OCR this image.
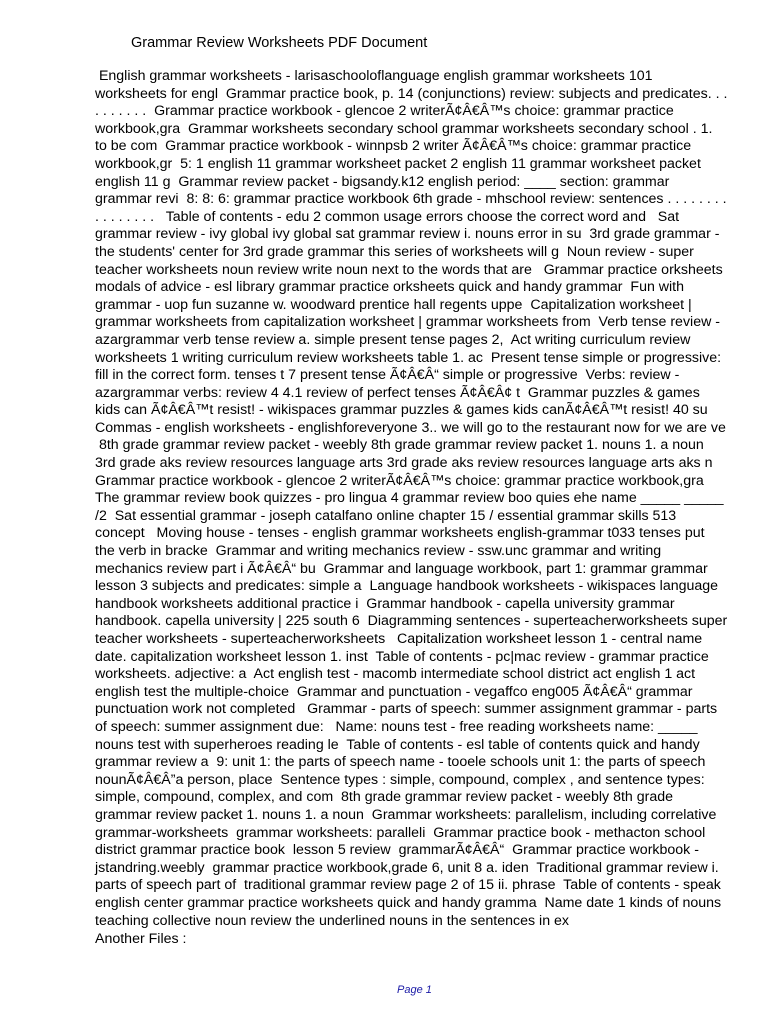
Grammar Review Worksheets PDF Document
English grammar worksheets - larisaschooloflanguage english grammar worksheets 101
worksheets for engl  Grammar practice book, p. 14 (conjunctions) review: subjects and predicates. . .
. . . . . . .  Grammar practice workbook - glencoe 2 writerÃ¢Â€Â™s choice: grammar practice
workbook,gra  Grammar worksheets secondary school grammar worksheets secondary school . 1.
to be com  Grammar practice workbook - winnpsb 2 writer Ã¢Â€Â™s choice: grammar practice
workbook,gr  5: 1 english 11 grammar worksheet packet 2 english 11 grammar worksheet packet
english 11 g  Grammar review packet - bigsandy.k12 english period: ____ section: grammar
grammar revi  8: 8: 6: grammar practice workbook 6th grade - mhschool review: sentences . . . . . . . .
. . . . . . . .   Table of contents - edu 2 common usage errors choose the correct word and   Sat
grammar review - ivy global ivy global sat grammar review i. nouns error in su  3rd grade grammar -
the students' center for 3rd grade grammar this series of worksheets will g  Noun review - super
teacher worksheets noun review write noun next to the words that are   Grammar practice orksheets
modals of advice - esl library grammar practice orksheets quick and handy grammar  Fun with
grammar - uop fun suzanne w. woodward prentice hall regents uppe  Capitalization worksheet |
grammar worksheets from capitalization worksheet | grammar worksheets from  Verb tense review -
azargrammar verb tense review a. simple present tense pages 2,  Act writing curriculum review
worksheets 1 writing curriculum review worksheets table 1. ac  Present tense simple or progressive:
fill in the correct form. tenses t 7 present tense Ã¢Â€Â“ simple or progressive  Verbs: review -
azargrammar verbs: review 4 4.1 review of perfect tenses Ã¢Â€Â¢ t  Grammar puzzles & games
kids can Ã¢Â€Â™t resist! - wikispaces grammar puzzles & games kids canÃ¢Â€Â™t resist! 40 su
Commas - english worksheets - englishforeveryone 3.. we will go to the restaurant now for we are ve
8th grade grammar review packet - weebly 8th grade grammar review packet 1. nouns 1. a noun
3rd grade aks review resources language arts 3rd grade aks review resources language arts aks n
Grammar practice workbook - glencoe 2 writerÃ¢Â€Â™s choice: grammar practice workbook,gra
The grammar review book quizzes - pro lingua 4 grammar review boo quies ehe name _____ _____
/2  Sat essential grammar - joseph catalfano online chapter 15 / essential grammar skills 513
concept   Moving house - tenses - english grammar worksheets english-grammar t033 tenses put
the verb in bracke  Grammar and writing mechanics review - ssw.unc grammar and writing
mechanics review part i Ã¢Â€Â“ bu  Grammar and language workbook, part 1: grammar grammar
lesson 3 subjects and predicates: simple a  Language handbook worksheets - wikispaces language
handbook worksheets additional practice i  Grammar handbook - capella university grammar
handbook. capella university | 225 south 6  Diagramming sentences - superteacherworksheets super
teacher worksheets - superteacherworksheets   Capitalization worksheet lesson 1 - central name
date. capitalization worksheet lesson 1. inst  Table of contents - pc|mac review - grammar practice
worksheets. adjective: a  Act english test - macomb intermediate school district act english 1 act
english test the multiple-choice  Grammar and punctuation - vegaffco eng005 Ã¢Â€Â“ grammar
punctuation work not completed   Grammar - parts of speech: summer assignment grammar - parts
of speech: summer assignment due:   Name: nouns test - free reading worksheets name: _____
nouns test with superheroes reading le  Table of contents - esl table of contents quick and handy
grammar review a  9: unit 1: the parts of speech name - tooele schools unit 1: the parts of speech
nounÃ¢Â€Â”a person, place  Sentence types : simple, compound, complex , and sentence types:
simple, compound, complex, and com  8th grade grammar review packet - weebly 8th grade
grammar review packet 1. nouns 1. a noun  Grammar worksheets: parallelism, including correlative
grammar-worksheets  grammar worksheets: paralleli  Grammar practice book - methacton school
district grammar practice book  lesson 5 review  grammarÃ¢Â€Â“  Grammar practice workbook -
jstandring.weebly  grammar practice workbook,grade 6, unit 8 a. iden  Traditional grammar review i.
parts of speech part of  traditional grammar review page 2 of 15 ii. phrase  Table of contents - speak
english center grammar practice worksheets quick and handy gramma  Name date 1 kinds of nouns
teaching collective noun review the underlined nouns in the sentences in ex
Another Files :
Page 1
